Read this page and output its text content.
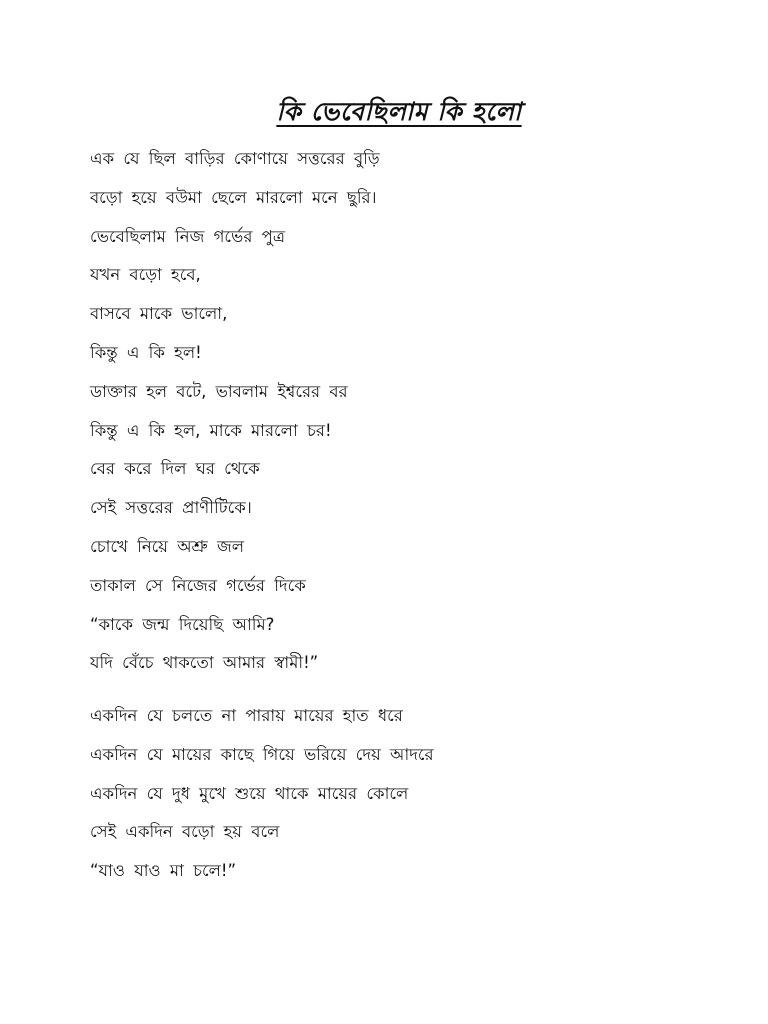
কি ভেবেছিলাম কি হলো
এক যে ছিল বাড়ির কোণায়ে সত্তরের বুড়ি
বড়ো হয়ে বউমা ছেলে মারলো মনে ছুরি।
ভেবেছিলাম নিজ গর্ভের পুত্র
যখন বড়ো হবে,
বাসবে মাকে ভালো,
কিন্তু এ কি হল!
ডাক্তার হল বটে, ভাবলাম ইশ্বরের বর
কিন্তু এ কি হল, মাকে মারলো চর!
বের করে দিল ঘর থেকে
সেই সত্তরের প্রাণীটিকে।
চোখে নিয়ে অশ্রু জল
তাকাল সে নিজের গর্ভের দিকে
“কাকে জন্ম দিয়েছি আমি?
যদি বেঁচে থাকতো আমার স্বামী!”
একদিন যে চলতে না পারায় মায়ের হাত ধরে
একদিন যে মায়ের কাছে গিয়ে ভরিয়ে দেয় আদরে
একদিন যে দুধ মুখে শুয়ে থাকে মায়ের কোলে
সেই একদিন বড়ো হয় বলে
“যাও যাও মা চলে!”
